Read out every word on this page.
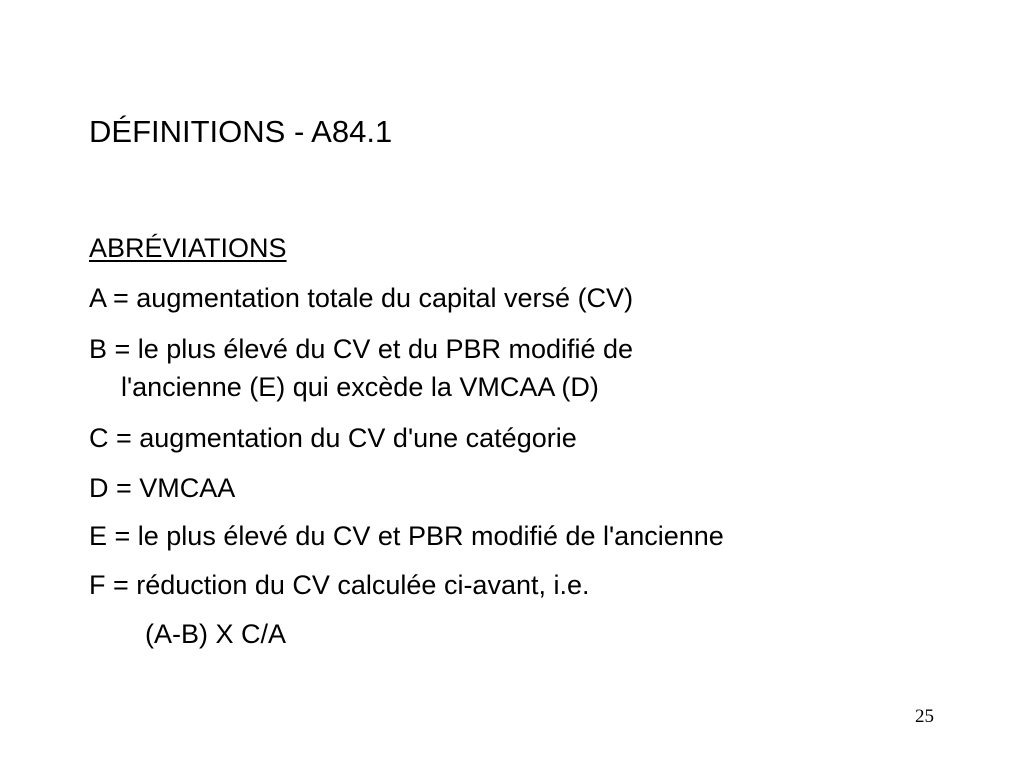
DÉFINITIONS - A84.1
ABRÉVIATIONS
A = augmentation totale du capital versé (CV)
B = le plus élevé du CV et du PBR modifié de
l'ancienne (E) qui excède la VMCAA (D)
C = augmentation du CV d'une catégorie
D = VMCAA
E = le plus élevé du CV et PBR modifié de l'ancienne
F = réduction du CV calculée ci-avant, i.e.
(A-B) X C/A
25
